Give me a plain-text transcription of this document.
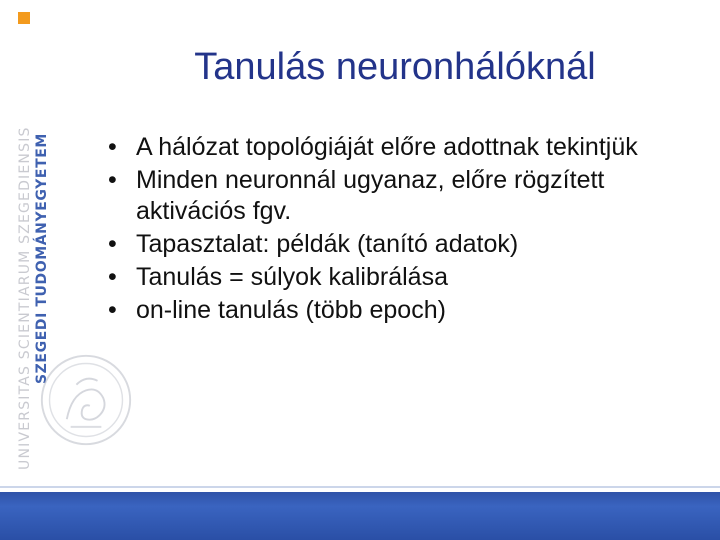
UNIVERSITAS SCIENTIARUM SZEGEDIENSIS SZEGEDI TUDOMÁNYEGYETEM
Tanulás neuronhálóknál
• A hálózat topológiáját előre adottnak tekintjük
• Minden neuronnál ugyanaz, előre rögzített aktivációs fgv.
• Tapasztalat: példák (tanító adatok)
• Tanulás = súlyok kalibrálása
• on-line tanulás (több epoch)
